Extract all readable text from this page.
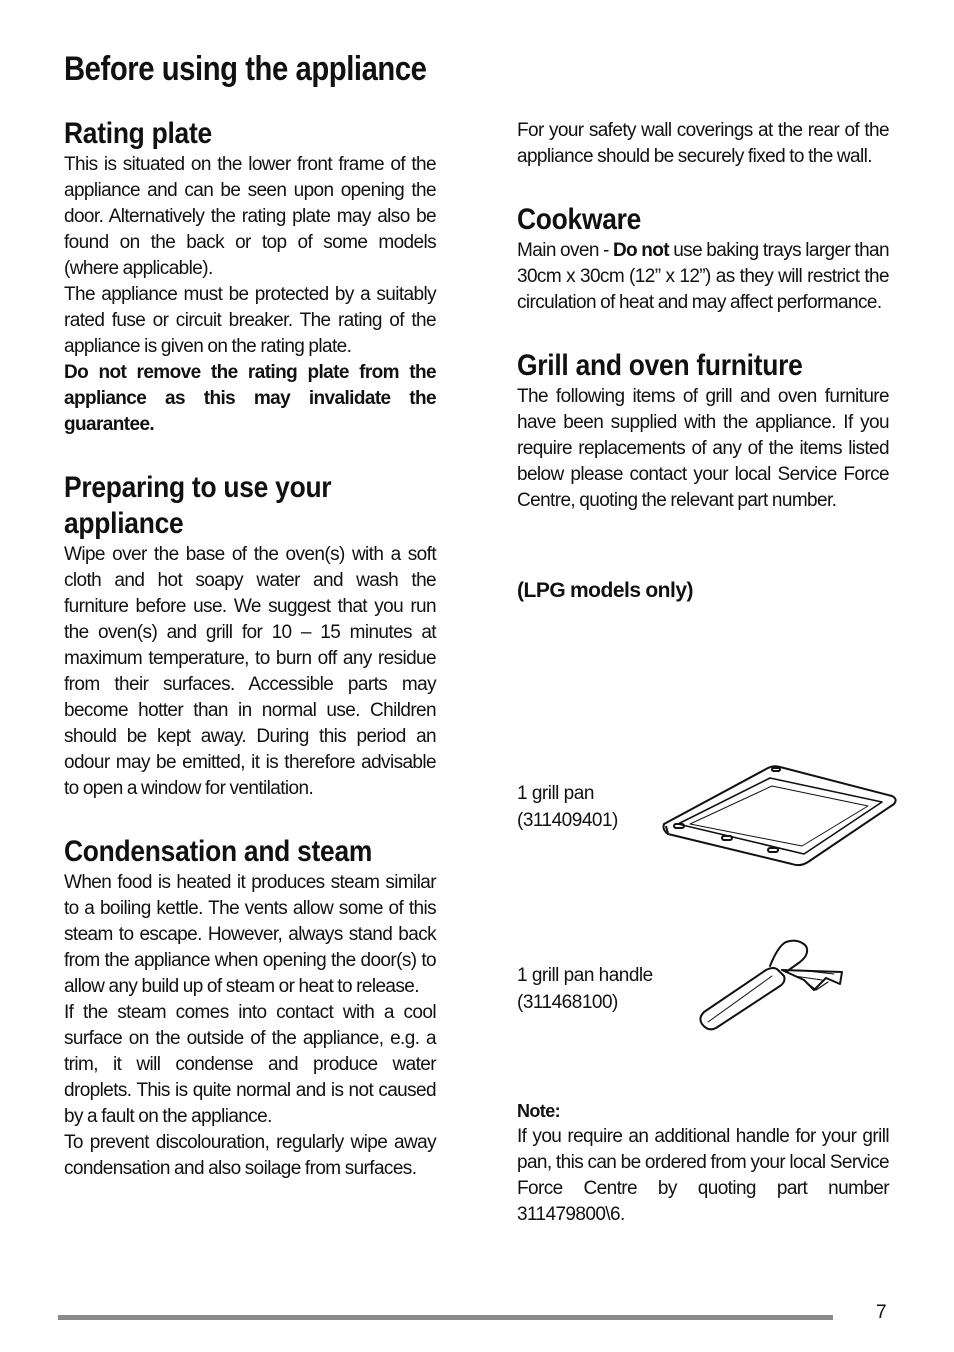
Before using the appliance
Rating plate

This is situated on the lower front frame of the appliance and can be seen upon opening the door. Alternatively the rating plate may also be found on the back or top of some models (where applicable).

The appliance must be protected by a suitably rated fuse or circuit breaker. The rating of the appliance is given on the rating plate.

Do not remove the rating plate from the appliance as this may invalidate the guarantee.

Preparing to use your appliance

Wipe over the base of the oven(s) with a soft cloth and hot soapy water and wash the furniture before use. We suggest that you run the oven(s) and grill for 10 – 15 minutes at maximum temperature, to burn off any residue from their surfaces. Accessible parts may become hotter than in normal use. Children should be kept away. During this period an odour may be emitted, it is therefore advisable to open a window for ventilation.

Condensation and steam

When food is heated it produces steam similar to a boiling kettle. The vents allow some of this steam to escape. However, always stand back from the appliance when opening the door(s) to allow any build up of steam or heat to release.

If the steam comes into contact with a cool surface on the outside of the appliance, e.g. a trim, it will condense and produce water droplets. This is quite normal and is not caused by a fault on the appliance.

To prevent discolouration, regularly wipe away condensation and also soilage from surfaces.

For your safety wall coverings at the rear of the appliance should be securely fixed to the wall.

Cookware

Main oven - Do not use baking trays larger than 30cm x 30cm (12” x 12”) as they will restrict the circulation of heat and may affect performance.

Grill and oven furniture

The following items of grill and oven furniture have been supplied with the appliance. If you require replacements of any of the items listed below please contact your local Service Force Centre, quoting the relevant part number.

(LPG models only)

1 grill pan
(311409401)
1 grill pan handle
(311468100)

Note:

If you require an additional handle for your grill pan, this can be ordered from your local Service Force Centre by quoting part number 311479800\6.

7
